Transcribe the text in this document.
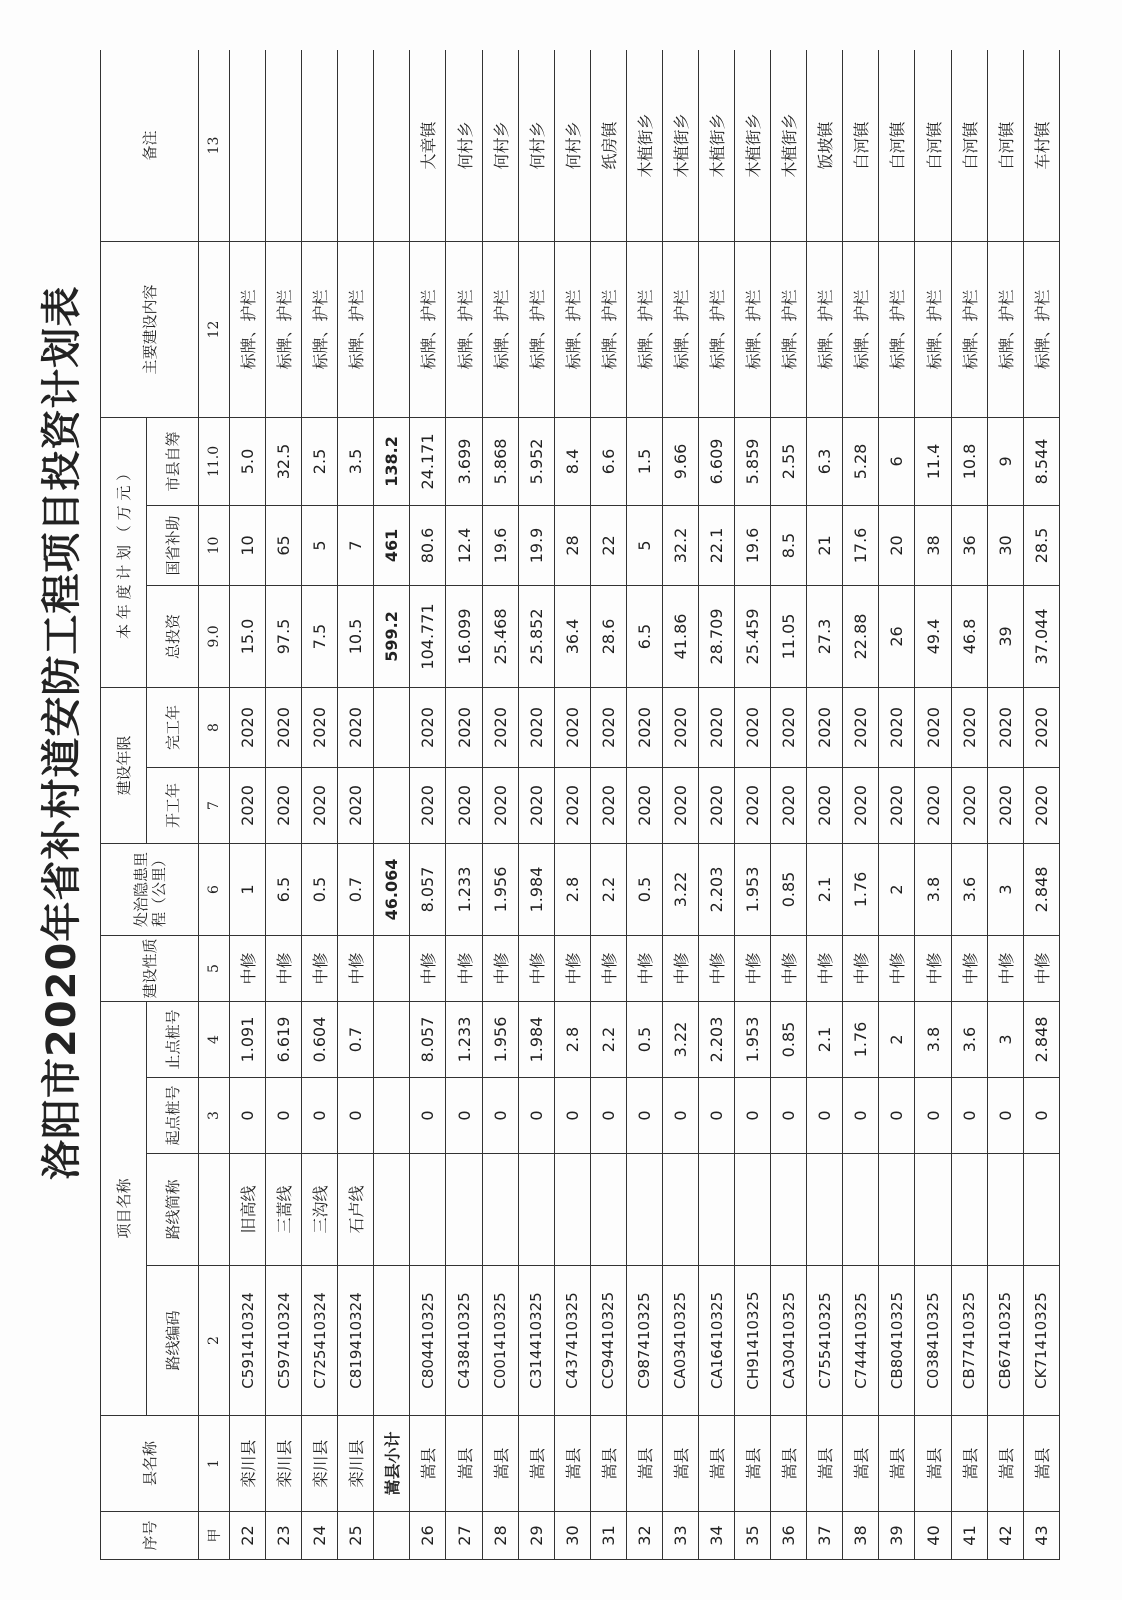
洛阳市2020年省补村道安防工程项目投资计划表
序号	县名称	项目名称				建设性质	处治隐患里程（公里）	建设年限		本 年 度 计 划 （ 万 元 ）			主要建设内容	备注
		路线编码	路线简称	起点桩号	止点桩号			开工年	完工年	总投资	国省补助	市县自筹		
甲	1	2		3	4	5	6	7	8	9.0	10	11.0	12	13
22	栾川县	C591410324	旧高线	0	1.091	中修	1	2020	2020	15.0	10	5.0	标牌、护栏	
23	栾川县	C597410324	三蒿线	0	6.619	中修	6.5	2020	2020	97.5	65	32.5	标牌、护栏	
24	栾川县	C725410324	三沟线	0	0.604	中修	0.5	2020	2020	7.5	5	2.5	标牌、护栏	
25	栾川县	C819410324	石卢线	0	0.7	中修	0.7	2020	2020	10.5	7	3.5	标牌、护栏	
	嵩县小计						46.064			599.2	461	138.2		
26	嵩县	C804410325		0	8.057	中修	8.057	2020	2020	104.771	80.6	24.171	标牌、护栏	大章镇
27	嵩县	C438410325		0	1.233	中修	1.233	2020	2020	16.099	12.4	3.699	标牌、护栏	何村乡
28	嵩县	C001410325		0	1.956	中修	1.956	2020	2020	25.468	19.6	5.868	标牌、护栏	何村乡
29	嵩县	C314410325		0	1.984	中修	1.984	2020	2020	25.852	19.9	5.952	标牌、护栏	何村乡
30	嵩县	C437410325		0	2.8	中修	2.8	2020	2020	36.4	28	8.4	标牌、护栏	何村乡
31	嵩县	CC94410325		0	2.2	中修	2.2	2020	2020	28.6	22	6.6	标牌、护栏	纸房镇
32	嵩县	C987410325		0	0.5	中修	0.5	2020	2020	6.5	5	1.5	标牌、护栏	木植街乡
33	嵩县	CA03410325		0	3.22	中修	3.22	2020	2020	41.86	32.2	9.66	标牌、护栏	木植街乡
34	嵩县	CA16410325		0	2.203	中修	2.203	2020	2020	28.709	22.1	6.609	标牌、护栏	木植街乡
35	嵩县	CH91410325		0	1.953	中修	1.953	2020	2020	25.459	19.6	5.859	标牌、护栏	木植街乡
36	嵩县	CA30410325		0	0.85	中修	0.85	2020	2020	11.05	8.5	2.55	标牌、护栏	木植街乡
37	嵩县	C755410325		0	2.1	中修	2.1	2020	2020	27.3	21	6.3	标牌、护栏	饭坡镇
38	嵩县	C744410325		0	1.76	中修	1.76	2020	2020	22.88	17.6	5.28	标牌、护栏	白河镇
39	嵩县	CB80410325		0	2	中修	2	2020	2020	26	20	6	标牌、护栏	白河镇
40	嵩县	C038410325		0	3.8	中修	3.8	2020	2020	49.4	38	11.4	标牌、护栏	白河镇
41	嵩县	CB77410325		0	3.6	中修	3.6	2020	2020	46.8	36	10.8	标牌、护栏	白河镇
42	嵩县	CB67410325		0	3	中修	3	2020	2020	39	30	9	标牌、护栏	白河镇
43	嵩县	CK71410325		0	2.848	中修	2.848	2020	2020	37.044	28.5	8.544	标牌、护栏	车村镇
